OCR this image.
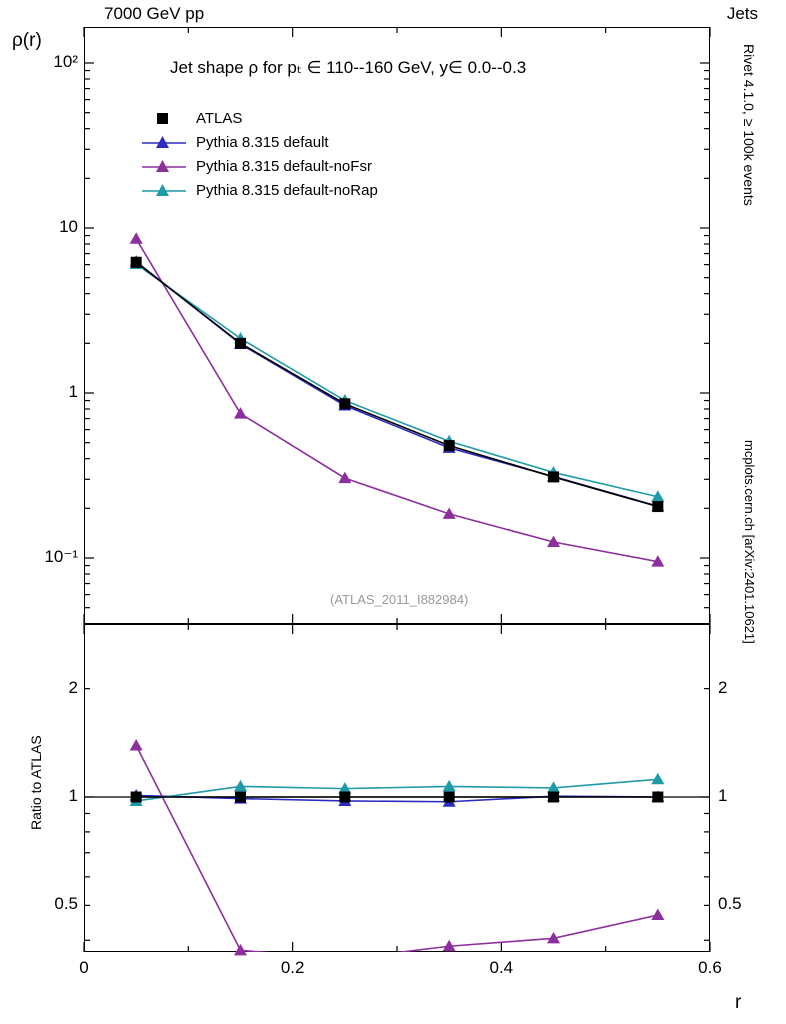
7000 GeV pp	Jets
ρ(r)
Jet shape ρ for pₜ ∈ 110--160 GeV, y∈ 0.0--0.3
ATLAS
Pythia 8.315 default
Pythia 8.315 default-noFsr
Pythia 8.315 default-noRap
(ATLAS_2011_I882984)
Rivet 4.1.0, ≥ 100k events
mcplots.cern.ch [arXiv:2401.10621]
Ratio to ATLAS
r
0	0.2	0.4	0.6
10²
10
1
10⁻¹
2	2
1	1
0.5	0.5
